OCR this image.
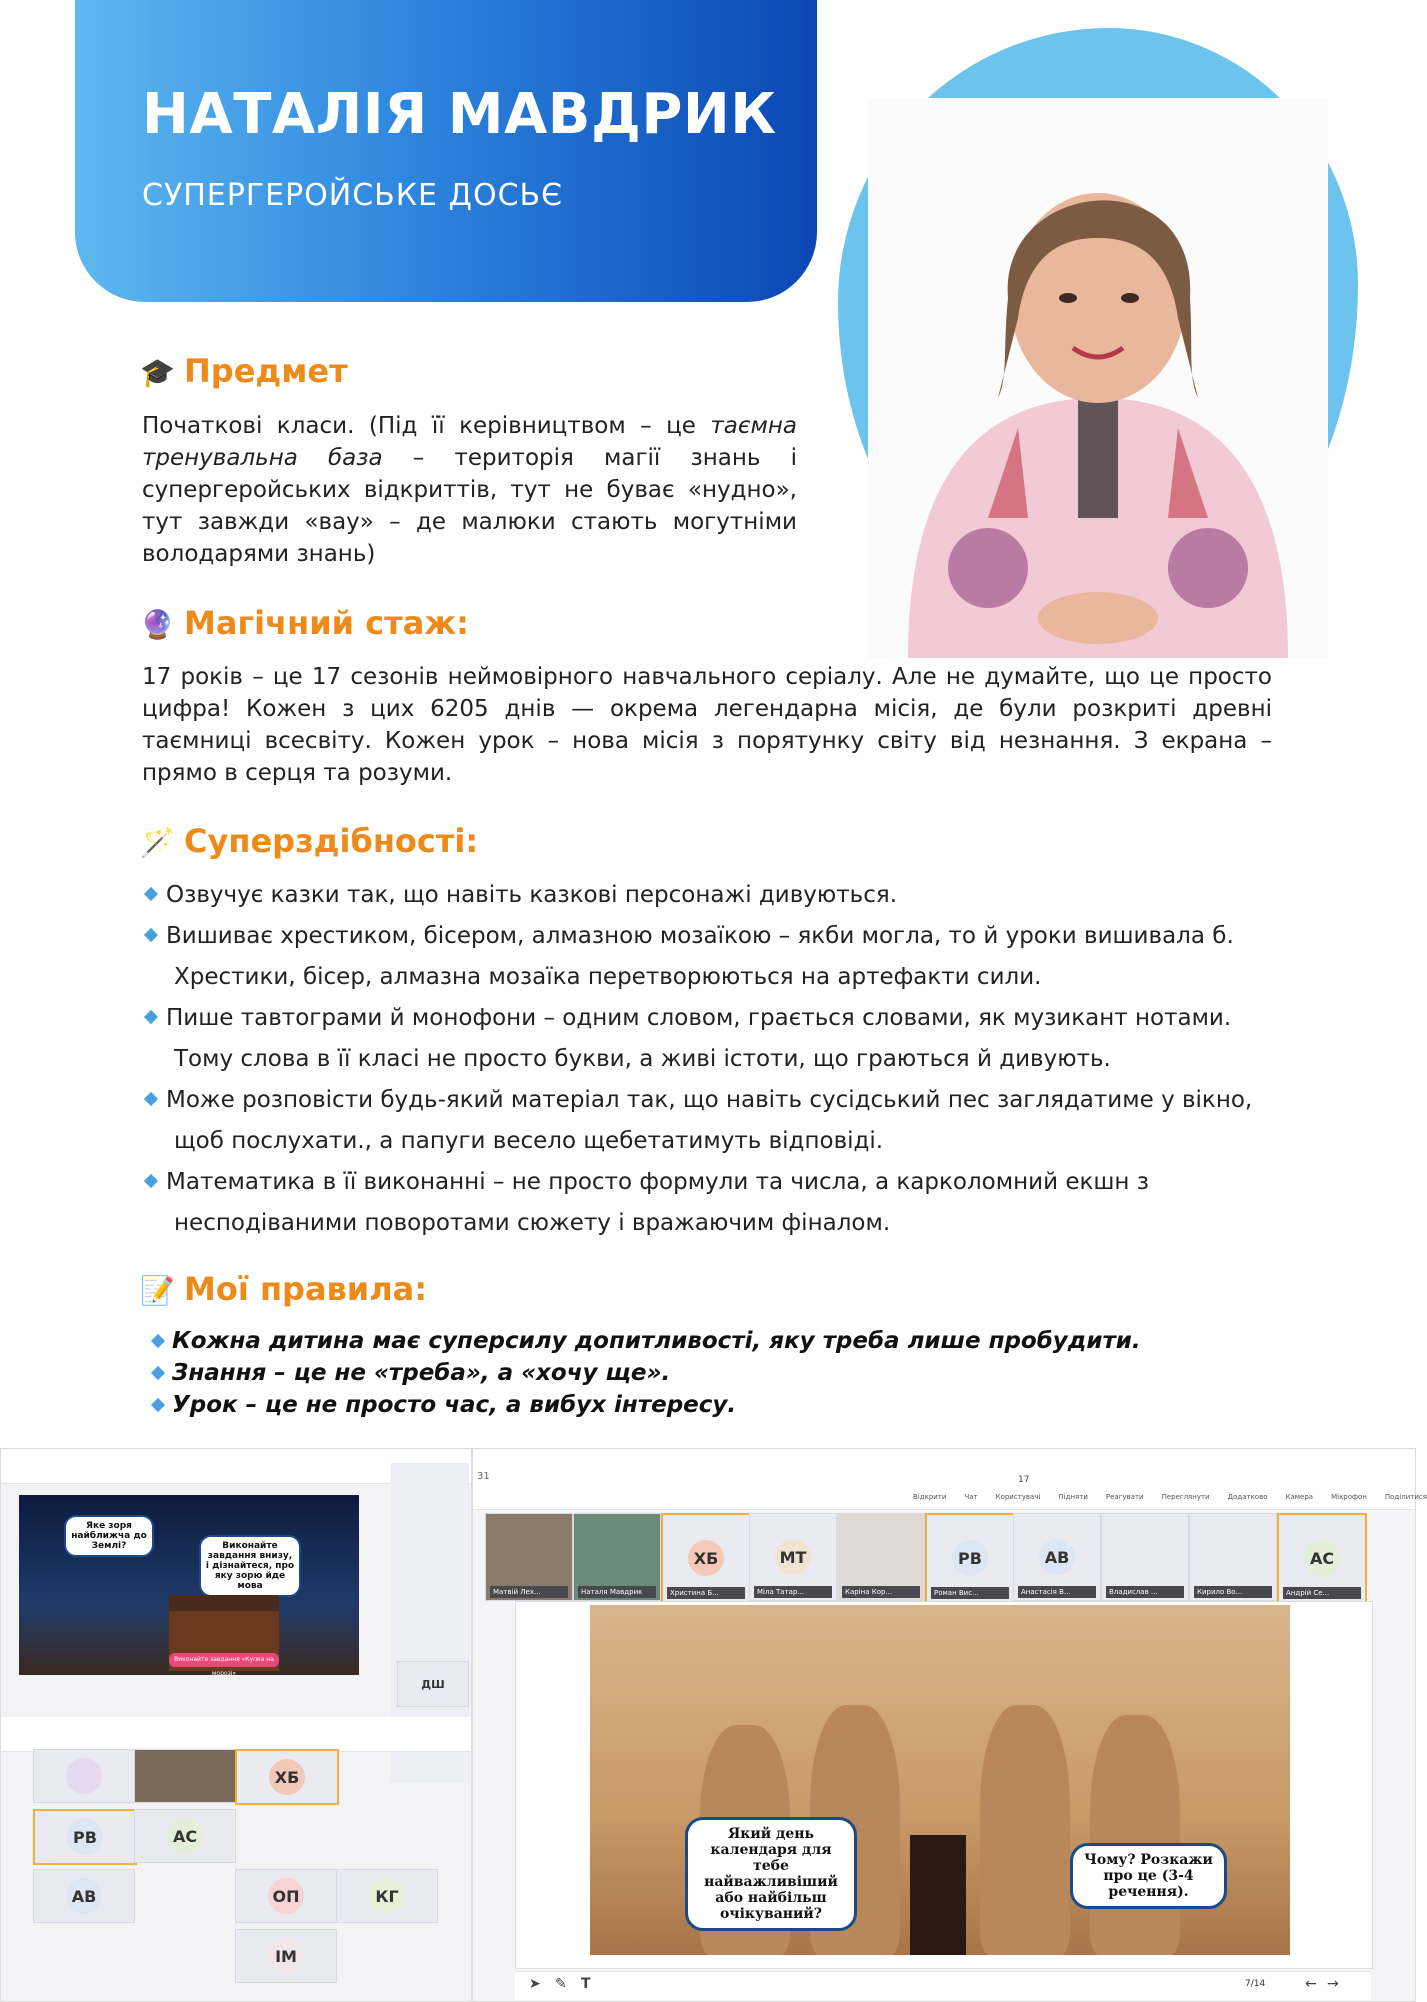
НАТАЛІЯ МАВДРИК
СУПЕРГЕРОЙСЬКЕ ДОСЬЄ
🎓 Предмет
Початкові класи. (Під її керівництвом – це таємна тренувальна база – територія магії знань і супергеройських відкриттів, тут не буває «нудно», тут завжди «вау» – де малюки стають могутніми володарями знань)
🔮 Магічний стаж:
17 років – це 17 сезонів неймовірного навчального серіалу. Але не думайте, що це просто цифра! Кожен з цих 6205 днів — окрема легендарна місія, де були розкриті древні таємниці всесвіту. Кожен урок – нова місія з порятунку світу від незнання. З екрана – прямо в серця та розуми.
🪄 Суперздібності:
Озвучує казки так, що навіть казкові персонажі дивуються.
Вишиває хрестиком, бісером, алмазною мозаїкою – якби могла, то й уроки вишивала б.
Хрестики, бісер, алмазна мозаїка перетворюються на артефакти сили.
Пише тавтограми й монофони – одним словом, грається словами, як музикант нотами.
Тому слова в її класі не просто букви, а живі істоти, що граються й дивують.
Може розповісти будь-який матеріал так, що навіть сусідський пес заглядатиме у вікно,
щоб послухати., а папуги весело щебетатимуть відповіді.
Математика в її виконанні – не просто формули та числа, а карколомний екшн з
несподіваними поворотами сюжету і вражаючим фіналом.
📝 Мої правила:
Кожна дитина має суперсилу допитливості, яку треба лише пробудити.
Знання – це не «треба», а «хочу ще».
Урок – це не просто час, а вибух інтересу.
Яке зоря найближча до Землі?	Виконайте завдання внизу, і дізнайтеся, про яку зорю йде мова
Виконайте завдання «Купка на морозі»
ХБ
РВ	АС
АВ	ОП	КГ
ІМ
ДШ
31
Відкрити	Чат	Користувачі	Підняти	Реагувати	Переглянути	Додатково	Камера	Мікрофон	Поділитися
17
Матвій Лех...	Наталя Мавдрик
ХБ
Христина Б...
МТ
Міла Татар...	Каріна Кор...
РВ
Роман Вис...
АВ
Анастасія В...	Владислав ...	Кирило Во...
АС
Андрій Се...
Який день календаря для тебе найважливіший або найбільш очікуваний?
Чому? Розкажи про це (3-4 речення).
➤ ✎ T	7/14	← →
